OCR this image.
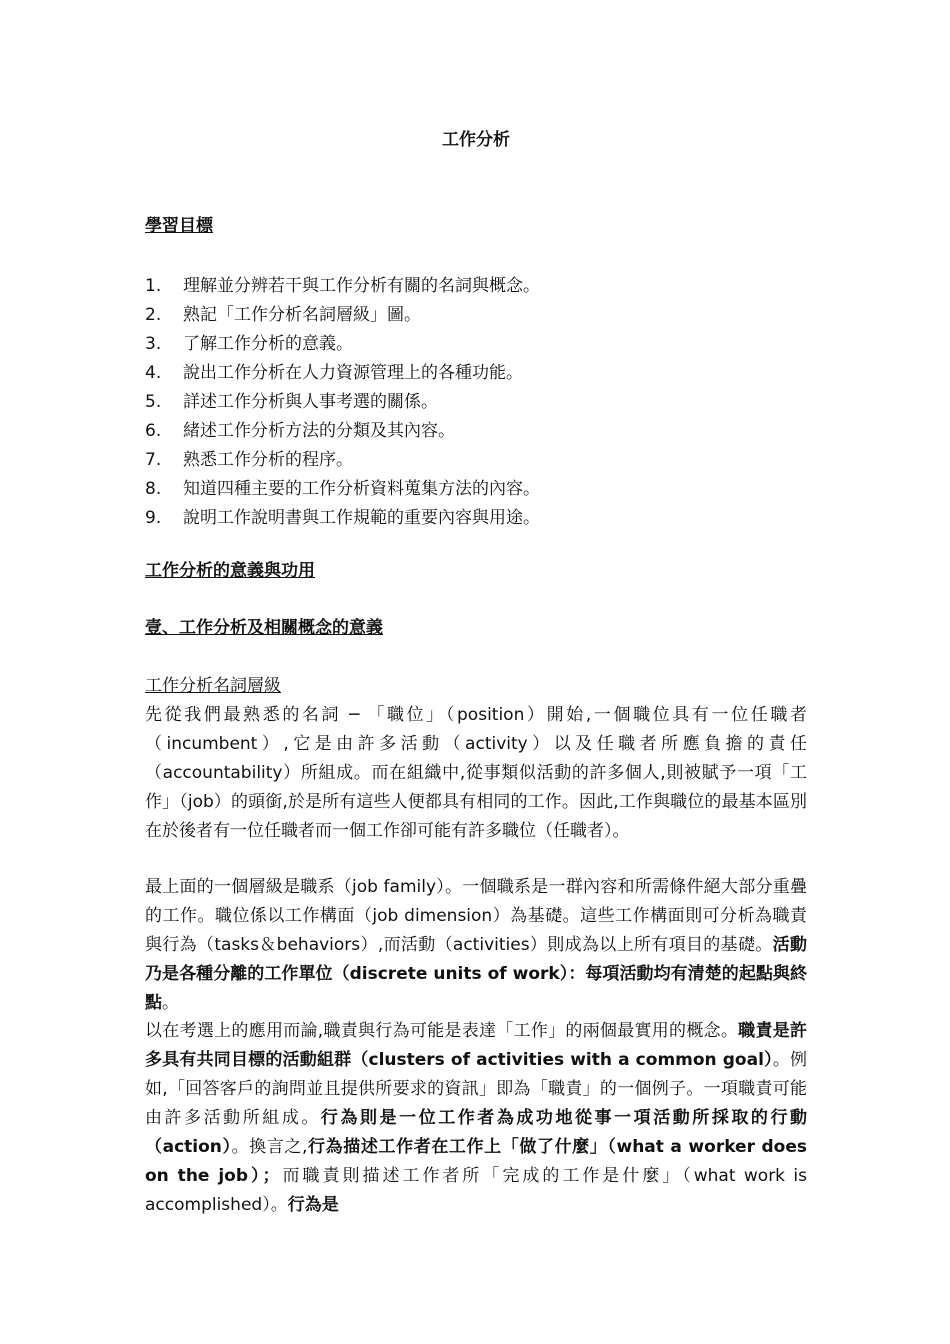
工作分析
學習目標
1.	理解並分辨若干與工作分析有關的名詞與概念。
2.	熟記「工作分析名詞層級」圖。
3.	了解工作分析的意義。
4.	說出工作分析在人力資源管理上的各種功能。
5.	詳述工作分析與人事考選的關係。
6.	緒述工作分析方法的分類及其內容。
7.	熟悉工作分析的程序。
8.	知道四種主要的工作分析資料蒐集方法的內容。
9.	說明工作說明書與工作規範的重要內容與用途。
工作分析的意義與功用
壹、工作分析及相關概念的意義
工作分析名詞層級

先從我們最熟悉的名詞 ─ 「職位」（position）開始,一個職位具有一位任職者（incumbent）,它是由許多活動（activity）以及任職者所應負擔的責任（accountability）所組成。而在組織中,從事類似活動的許多個人,則被賦予一項「工作」（job）的頭銜,於是所有這些人便都具有相同的工作。因此,工作與職位的最基本區別在於後者有一位任職者而一個工作卻可能有許多職位（任職者）。

最上面的一個層級是職系（job family）。一個職系是一群內容和所需條件絕大部分重疊的工作。職位係以工作構面（job dimension）為基礎。這些工作構面則可分析為職責與行為（tasks＆behaviors）,而活動（activities）則成為以上所有項目的基礎。活動乃是各種分離的工作單位（discrete units of work）：每項活動均有清楚的起點與終點。

以在考選上的應用而論,職責與行為可能是表達「工作」的兩個最實用的概念。職責是許多具有共同目標的活動組群（clusters of activities with a common goal）。例如,「回答客戶的詢問並且提供所要求的資訊」即為「職責」的一個例子。一項職責可能由許多活動所組成。行為則是一位工作者為成功地從事一項活動所採取的行動（action）。換言之,行為描述工作者在工作上「做了什麼」（what a worker does on the job）；而職責則描述工作者所「完成的工作是什麼」（what work is accomplished）。行為是
